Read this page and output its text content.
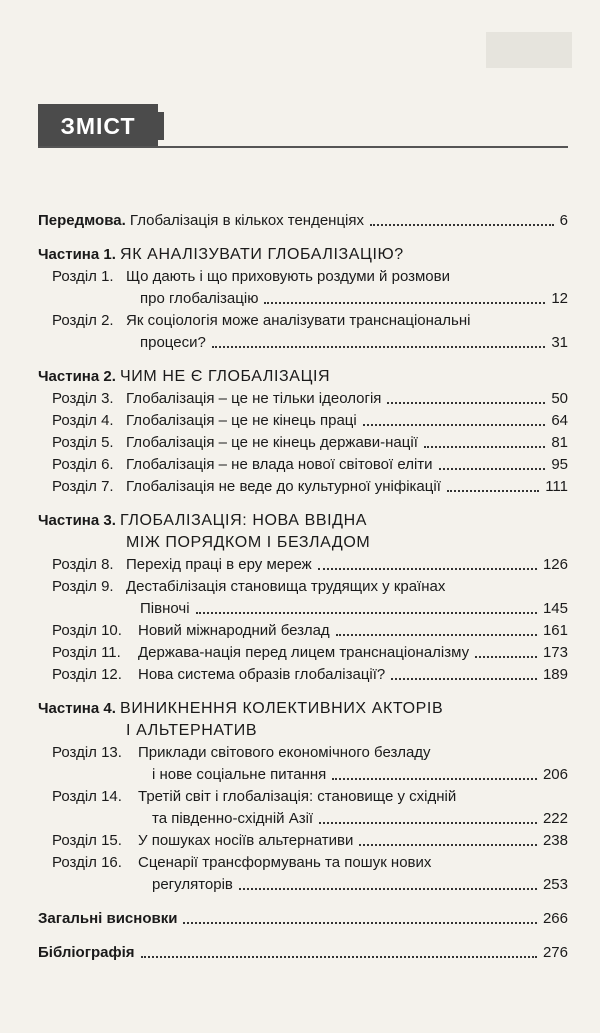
ЗМІСТ
Передмова. Глобалізація в кількох тенденціях	6
Частина 1. ЯК АНАЛІЗУВАТИ ГЛОБАЛІЗАЦІЮ?
Розділ 1. Що дають і що приховують роздуми й розмови
про глобалізацію	12
Розділ 2. Як соціологія може аналізувати транснаціональні
процеси?	31
Частина 2. ЧИМ НЕ Є ГЛОБАЛІЗАЦІЯ
Розділ 3. Глобалізація – це не тільки ідеологія	50
Розділ 4. Глобалізація – це не кінець праці	64
Розділ 5. Глобалізація – це не кінець держави-нації	81
Розділ 6. Глобалізація – не влада нової світової еліти	95
Розділ 7. Глобалізація не веде до культурної уніфікації	111
Частина 3. ГЛОБАЛІЗАЦІЯ: НОВА ВВІДНА
МІЖ ПОРЯДКОМ І БЕЗЛАДОМ
Розділ 8. Перехід праці в еру мереж	126
Розділ 9. Дестабілізація становища трудящих у країнах
Півночі	145
Розділ 10. Новий міжнародний безлад	161
Розділ 11. Держава-нація перед лицем транснаціоналізму	173
Розділ 12. Нова система образів глобалізації?	189
Частина 4. ВИНИКНЕННЯ КОЛЕКТИВНИХ АКТОРІВ
І АЛЬТЕРНАТИВ
Розділ 13. Приклади світового економічного безладу
і нове соціальне питання	206
Розділ 14. Третій світ і глобалізація: становище у східній
та південно-східній Азії	222
Розділ 15. У пошуках носіїв альтернативи	238
Розділ 16. Сценарії трансформувань та пошук нових
регуляторів	253
Загальні висновки	266
Бібліографія	276
